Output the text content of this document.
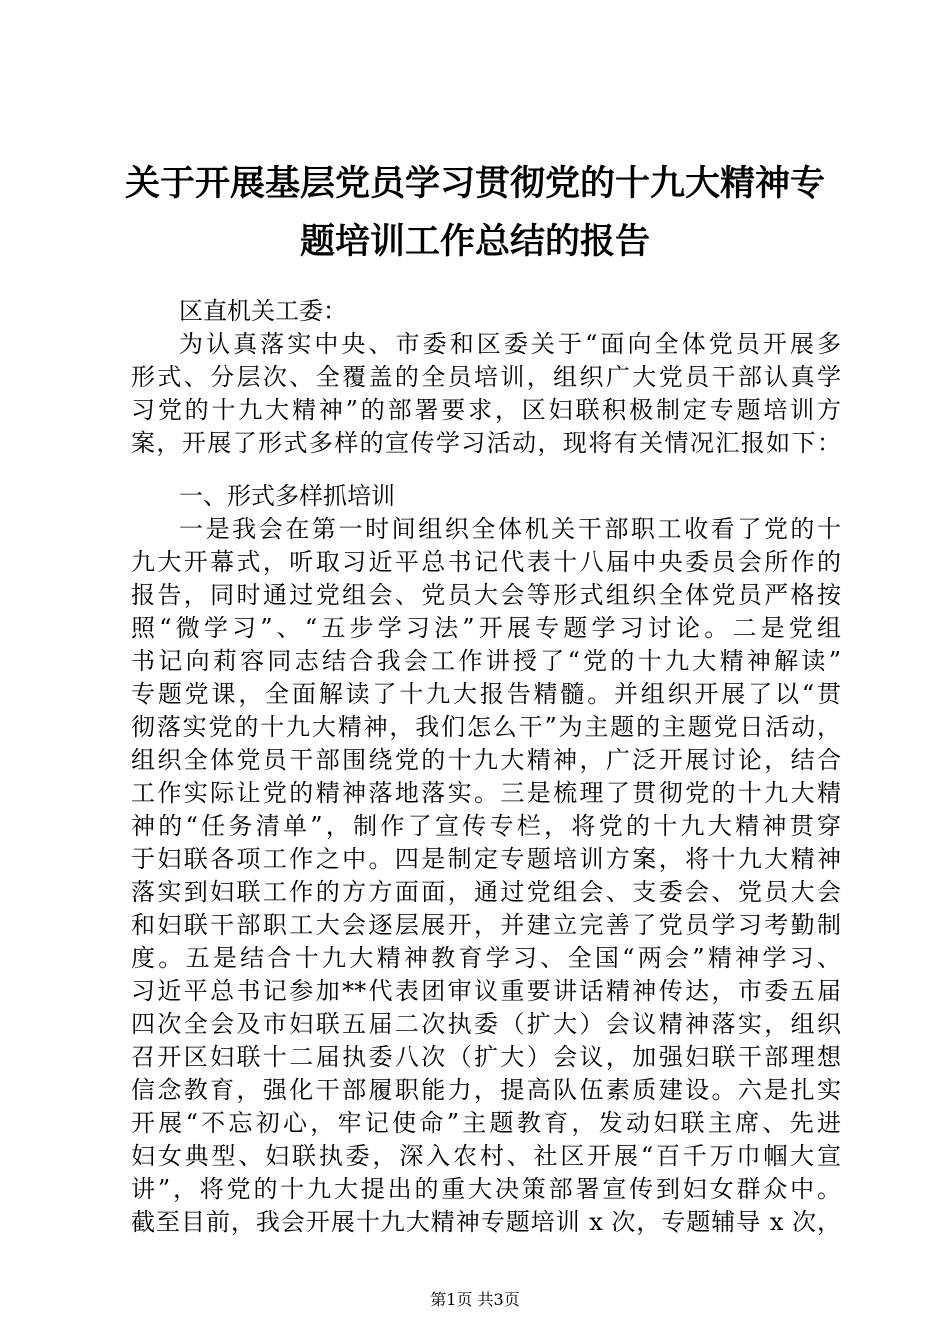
关于开展基层党员学习贯彻党的十九大精神专
题培训工作总结的报告
区直机关工委：
为认真落实中央、市委和区委关于“面向全体党员开展多
形式、分层次、全覆盖的全员培训，组织广大党员干部认真学
习党的十九大精神”的部署要求，区妇联积极制定专题培训方
案，开展了形式多样的宣传学习活动，现将有关情况汇报如下：
一、形式多样抓培训
一是我会在第一时间组织全体机关干部职工收看了党的十
九大开幕式，听取习近平总书记代表十八届中央委员会所作的
报告，同时通过党组会、党员大会等形式组织全体党员严格按
照“微学习”、“五步学习法”开展专题学习讨论。二是党组
书记向莉容同志结合我会工作讲授了“党的十九大精神解读”
专题党课，全面解读了十九大报告精髓。并组织开展了以“贯
彻落实党的十九大精神，我们怎么干”为主题的主题党日活动，
组织全体党员干部围绕党的十九大精神，广泛开展讨论，结合
工作实际让党的精神落地落实。三是梳理了贯彻党的十九大精
神的“任务清单”，制作了宣传专栏，将党的十九大精神贯穿
于妇联各项工作之中。四是制定专题培训方案，将十九大精神
落实到妇联工作的方方面面，通过党组会、支委会、党员大会
和妇联干部职工大会逐层展开，并建立完善了党员学习考勤制
度。五是结合十九大精神教育学习、全国“两会”精神学习、
习近平总书记参加**代表团审议重要讲话精神传达，市委五届
四次全会及市妇联五届二次执委（扩大）会议精神落实，组织
召开区妇联十二届执委八次（扩大）会议，加强妇联干部理想
信念教育，强化干部履职能力，提高队伍素质建设。六是扎实
开展“不忘初心，牢记使命”主题教育，发动妇联主席、先进
妇女典型、妇联执委，深入农村、社区开展“百千万巾帼大宣
讲”，将党的十九大提出的重大决策部署宣传到妇女群众中。
截至目前，我会开展十九大精神专题培训 x 次，专题辅导 x 次，
第1页 共3页
